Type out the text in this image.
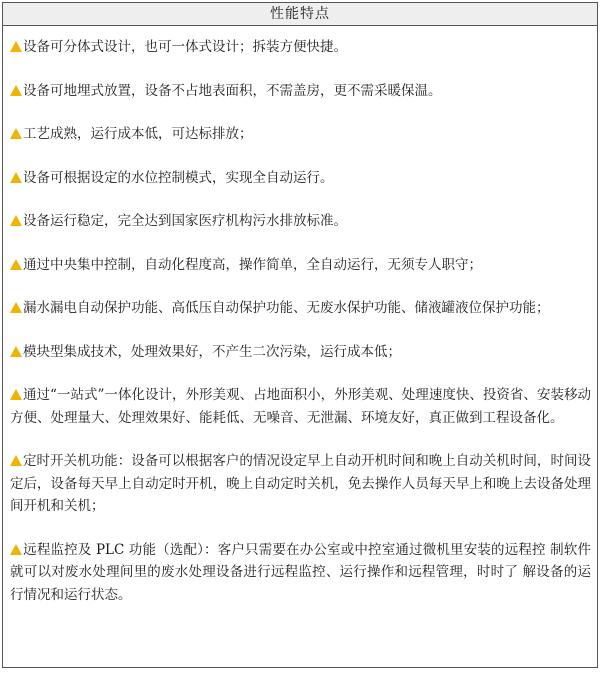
性能特点
设备可分体式设计，也可一体式设计；拆装方便快捷。
设备可地埋式放置，设备不占地表面积，不需盖房，更不需采暖保温。
工艺成熟，运行成本低，可达标排放；
设备可根据设定的水位控制模式，实现全自动运行。
设备运行稳定，完全达到国家医疗机构污水排放标准。
通过中央集中控制，自动化程度高，操作简单，全自动运行，无须专人职守；
漏水漏电自动保护功能、高低压自动保护功能、无废水保护功能、储液罐液位保护功能；
模块型集成技术，处理效果好，不产生二次污染，运行成本低；
通过“一站式”一体化设计，外形美观、占地面积小，外形美观、处理速度快、投资省、安装移动方便、处理量大、处理效果好、能耗低、无噪音、无泄漏、环境友好，真正做到工程设备化。
定时开关机功能：设备可以根据客户的情况设定早上自动开机时间和晚上自动关机时间，时间设定后，设备每天早上自动定时开机，晚上自动定时关机，免去操作人员每天早上和晚上去设备处理间开机和关机；
远程监控及 PLC 功能（选配）：客户只需要在办公室或中控室通过微机里安装的远程控 制软件就可以对废水处理间里的废水处理设备进行远程监控、运行操作和远程管理，时时了 解设备的运行情况和运行状态。
